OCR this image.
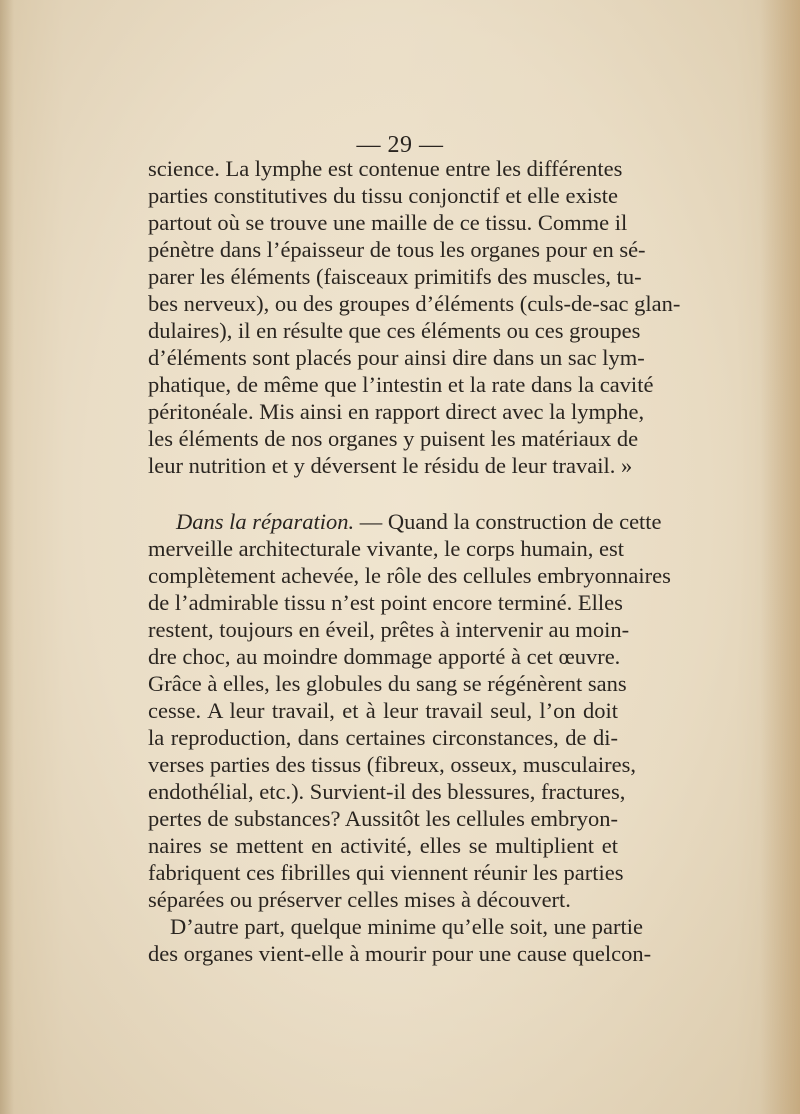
— 29 —
science. La lymphe est contenue entre les différentes
parties constitutives du tissu conjonctif et elle existe
partout où se trouve une maille de ce tissu. Comme il
pénètre dans l’épaisseur de tous les organes pour en sé-
parer les éléments (faisceaux primitifs des muscles, tu-
bes nerveux), ou des groupes d’éléments (culs-de-sac glan-
dulaires), il en résulte que ces éléments ou ces groupes
d’éléments sont placés pour ainsi dire dans un sac lym-
phatique, de même que l’intestin et la rate dans la cavité
péritonéale. Mis ainsi en rapport direct avec la lymphe,
les éléments de nos organes y puisent les matériaux de
leur nutrition et y déversent le résidu de leur travail. »
Dans la réparation. — Quand la construction de cette
merveille architecturale vivante, le corps humain, est
complètement achevée, le rôle des cellules embryonnaires
de l’admirable tissu n’est point encore terminé. Elles
restent, toujours en éveil, prêtes à intervenir au moin-
dre choc, au moindre dommage apporté à cet œuvre.
Grâce à elles, les globules du sang se régénèrent sans
cesse. A leur travail, et à leur travail seul, l’on doit
la reproduction, dans certaines circonstances, de di-
verses parties des tissus (fibreux, osseux, musculaires,
endothélial, etc.). Survient-il des blessures, fractures,
pertes de substances? Aussitôt les cellules embryon-
naires se mettent en activité, elles se multiplient et
fabriquent ces fibrilles qui viennent réunir les parties
séparées ou préserver celles mises à découvert.
D’autre part, quelque minime qu’elle soit, une partie
des organes vient-elle à mourir pour une cause quelcon-
